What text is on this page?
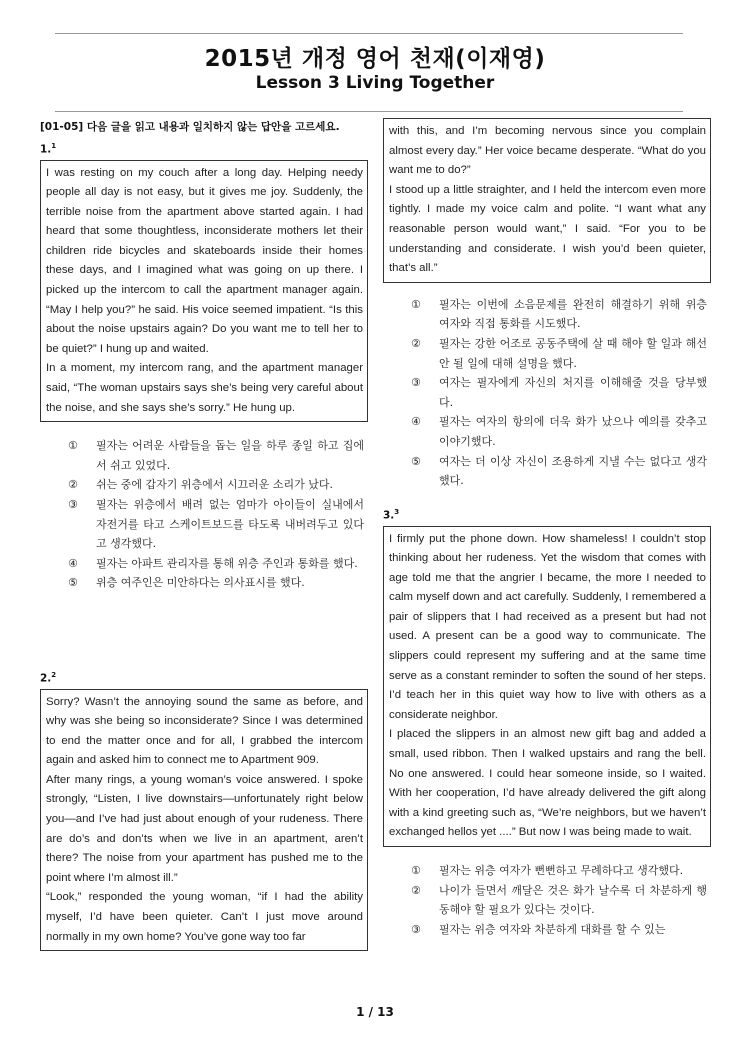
2015년 개정 영어 천재(이재영)
Lesson 3 Living Together
[01-05] 다음 글을 읽고 내용과 일치하지 않는 답안을 고르세요.
1.$^1$

I was resting on my couch after a long day. Helping needy people all day is not easy, but it gives me joy. Suddenly, the terrible noise from the apartment above started again. I had heard that some thoughtless, inconsiderate mothers let their children ride bicycles and skateboards inside their homes these days, and I imagined what was going on up there. I picked up the intercom to call the apartment manager again. “May I help you?” he said. His voice seemed impatient. “Is this about the noise upstairs again? Do you want me to tell her to be quiet?” I hung up and waited.

In a moment, my intercom rang, and the apartment manager said, “The woman upstairs says she’s being very careful about the noise, and she says she’s sorry.” He hung up.

① 필자는 어려운 사람들을 돕는 일을 하루 종일 하고 집에서 쉬고 있었다.
② 쉬는 중에 갑자기 위층에서 시끄러운 소리가 났다.
③ 필자는 위층에서 배려 없는 엄마가 아이들이 실내에서 자전거를 타고 스케이트보드를 타도록 내버려두고 있다고 생각했다.
④ 필자는 아파트 관리자를 통해 위층 주인과 통화를 했다.
⑤ 위층 여주인은 미안하다는 의사표시를 했다.
2.$^2$

Sorry? Wasn’t the annoying sound the same as before, and why was she being so inconsiderate? Since I was determined to end the matter once and for all, I grabbed the intercom again and asked him to connect me to Apartment 909.

After many rings, a young woman’s voice answered. I spoke strongly, “Listen, I live downstairs—unfortunately right below you—and I’ve had just about enough of your rudeness. There are do’s and don’ts when we live in an apartment, aren’t there? The noise from your apartment has pushed me to the point where I’m almost ill.”

“Look,” responded the young woman, “if I had the ability myself, I’d have been quieter. Can’t I just move around normally in my own home? You’ve gone way too far

with this, and I’m becoming nervous since you complain almost every day.” Her voice became desperate. “What do you want me to do?”

I stood up a little straighter, and I held the intercom even more tightly. I made my voice calm and polite. “I want what any reasonable person would want,” I said. “For you to be understanding and considerate. I wish you’d been quieter, that’s all.”

① 필자는 이번에 소음문제를 완전히 해결하기 위해 위층 여자와 직접 통화를 시도했다.
② 필자는 강한 어조로 공동주택에 살 때 해야 할 일과 해선 안 될 일에 대해 설명을 했다.
③ 여자는 필자에게 자신의 처지를 이해해줄 것을 당부했다.
④ 필자는 여자의 항의에 더욱 화가 났으나 예의를 갖추고 이야기했다.
⑤ 여자는 더 이상 자신이 조용하게 지낼 수는 없다고 생각했다.
3.$^3$

I firmly put the phone down. How shameless! I couldn’t stop thinking about her rudeness. Yet the wisdom that comes with age told me that the angrier I became, the more I needed to calm myself down and act carefully. Suddenly, I remembered a pair of slippers that I had received as a present but had not used. A present can be a good way to communicate. The slippers could represent my suffering and at the same time serve as a constant reminder to soften the sound of her steps. I’d teach her in this quiet way how to live with others as a considerate neighbor.

I placed the slippers in an almost new gift bag and added a small, used ribbon. Then I walked upstairs and rang the bell. No one answered. I could hear someone inside, so I waited. With her cooperation, I’d have already delivered the gift along with a kind greeting such as, “We’re neighbors, but we haven’t exchanged hellos yet ....” But now I was being made to wait.

① 필자는 위층 여자가 뻔뻔하고 무례하다고 생각했다.
② 나이가 들면서 깨달은 것은 화가 날수록 더 차분하게 행동해야 할 필요가 있다는 것이다.
③ 필자는 위층 여자와 차분하게 대화를 할 수 있는
1 / 13
